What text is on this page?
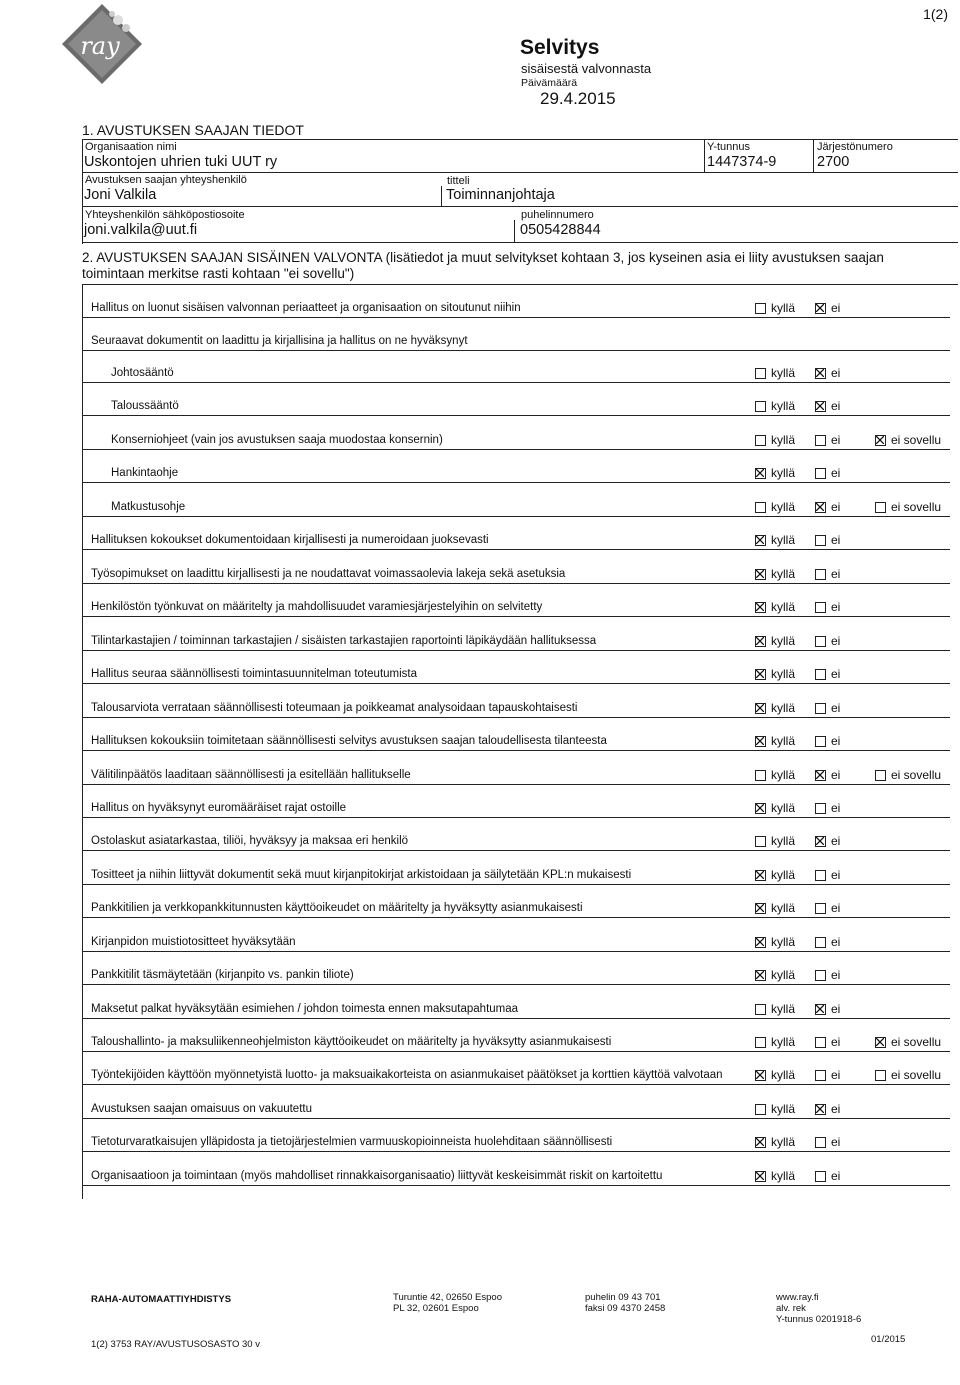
ray
1(2)
Selvitys
sisäisestä valvonnasta
Päivämäärä
29.4.2015
1. AVUSTUKSEN SAAJAN TIEDOT
Organisaation nimi
Uskontojen uhrien tuki UUT ry
Y-tunnus
1447374-9
Järjestönumero
2700
Avustuksen saajan yhteyshenkilö
Joni Valkila
titteli
Toiminnanjohtaja
Yhteyshenkilön sähköpostiosoite
joni.valkila@uut.fi
puhelinnumero
0505428844
2. AVUSTUKSEN SAAJAN SISÄINEN VALVONTA (lisätiedot ja muut selvitykset kohtaan 3, jos kyseinen asia ei liity avustuksen saajan toimintaan merkitse rasti kohtaan "ei sovellu")
Hallitus on luonut sisäisen valvonnan periaatteet ja organisaation on sitoutunut niihin	kyllä	ei
Seuraavat dokumentit on laadittu ja kirjallisina ja hallitus on ne hyväksynyt
Johtosääntö	kyllä	ei
Taloussääntö	kyllä	ei
Konserniohjeet (vain jos avustuksen saaja muodostaa konsernin)	kyllä	ei	ei sovellu
Hankintaohje	kyllä	ei
Matkustusohje	kyllä	ei	ei sovellu
Hallituksen kokoukset dokumentoidaan kirjallisesti ja numeroidaan juoksevasti	kyllä	ei
Työsopimukset on laadittu kirjallisesti ja ne noudattavat voimassaolevia lakeja sekä asetuksia	kyllä	ei
Henkilöstön työnkuvat on määritelty ja mahdollisuudet varamiesjärjestelyihin on selvitetty	kyllä	ei
Tilintarkastajien / toiminnan tarkastajien / sisäisten tarkastajien raportointi läpikäydään hallituksessa	kyllä	ei
Hallitus seuraa säännöllisesti toimintasuunnitelman toteutumista	kyllä	ei
Talousarviota verrataan säännöllisesti toteumaan ja poikkeamat analysoidaan tapauskohtaisesti	kyllä	ei
Hallituksen kokouksiin toimitetaan säännöllisesti selvitys avustuksen saajan taloudellisesta tilanteesta	kyllä	ei
Välitilinpäätös laaditaan säännöllisesti ja esitellään hallitukselle	kyllä	ei	ei sovellu
Hallitus on hyväksynyt euromääräiset rajat ostoille	kyllä	ei
Ostolaskut asiatarkastaa, tiliöi, hyväksyy ja maksaa eri henkilö	kyllä	ei
Tositteet ja niihin liittyvät dokumentit sekä muut kirjanpitokirjat arkistoidaan ja säilytetään KPL:n mukaisesti	kyllä	ei
Pankkitilien ja verkkopankkitunnusten käyttöoikeudet on määritelty ja hyväksytty asianmukaisesti	kyllä	ei
Kirjanpidon muistiotositteet hyväksytään	kyllä	ei
Pankkitilit täsmäytetään (kirjanpito vs. pankin tiliote)	kyllä	ei
Maksetut palkat hyväksytään esimiehen / johdon toimesta ennen maksutapahtumaa	kyllä	ei
Taloushallinto- ja maksuliikenneohjelmiston käyttöoikeudet on määritelty ja hyväksytty asianmukaisesti	kyllä	ei	ei sovellu
Työntekijöiden käyttöön myönnetyistä luotto- ja maksuaikakorteista on asianmukaiset päätökset ja korttien käyttöä valvotaan	kyllä	ei	ei sovellu
Avustuksen saajan omaisuus on vakuutettu	kyllä	ei
Tietoturvaratkaisujen ylläpidosta ja tietojärjestelmien varmuuskopioinneista huolehditaan säännöllisesti	kyllä	ei
Organisaatioon ja toimintaan (myös mahdolliset rinnakkaisorganisaatio) liittyvät keskeisimmät riskit on kartoitettu	kyllä	ei
RAHA-AUTOMAATTIYHDISTYS	Turuntie 42, 02650 Espoo
PL 32, 02601 Espoo
puhelin 09 43 701
faksi 09 4370 2458
www.ray.fi
alv. rek
Y-tunnus 0201918-6
1(2) 3753 RAY/AVUSTUSOSASTO 30 v	01/2015
